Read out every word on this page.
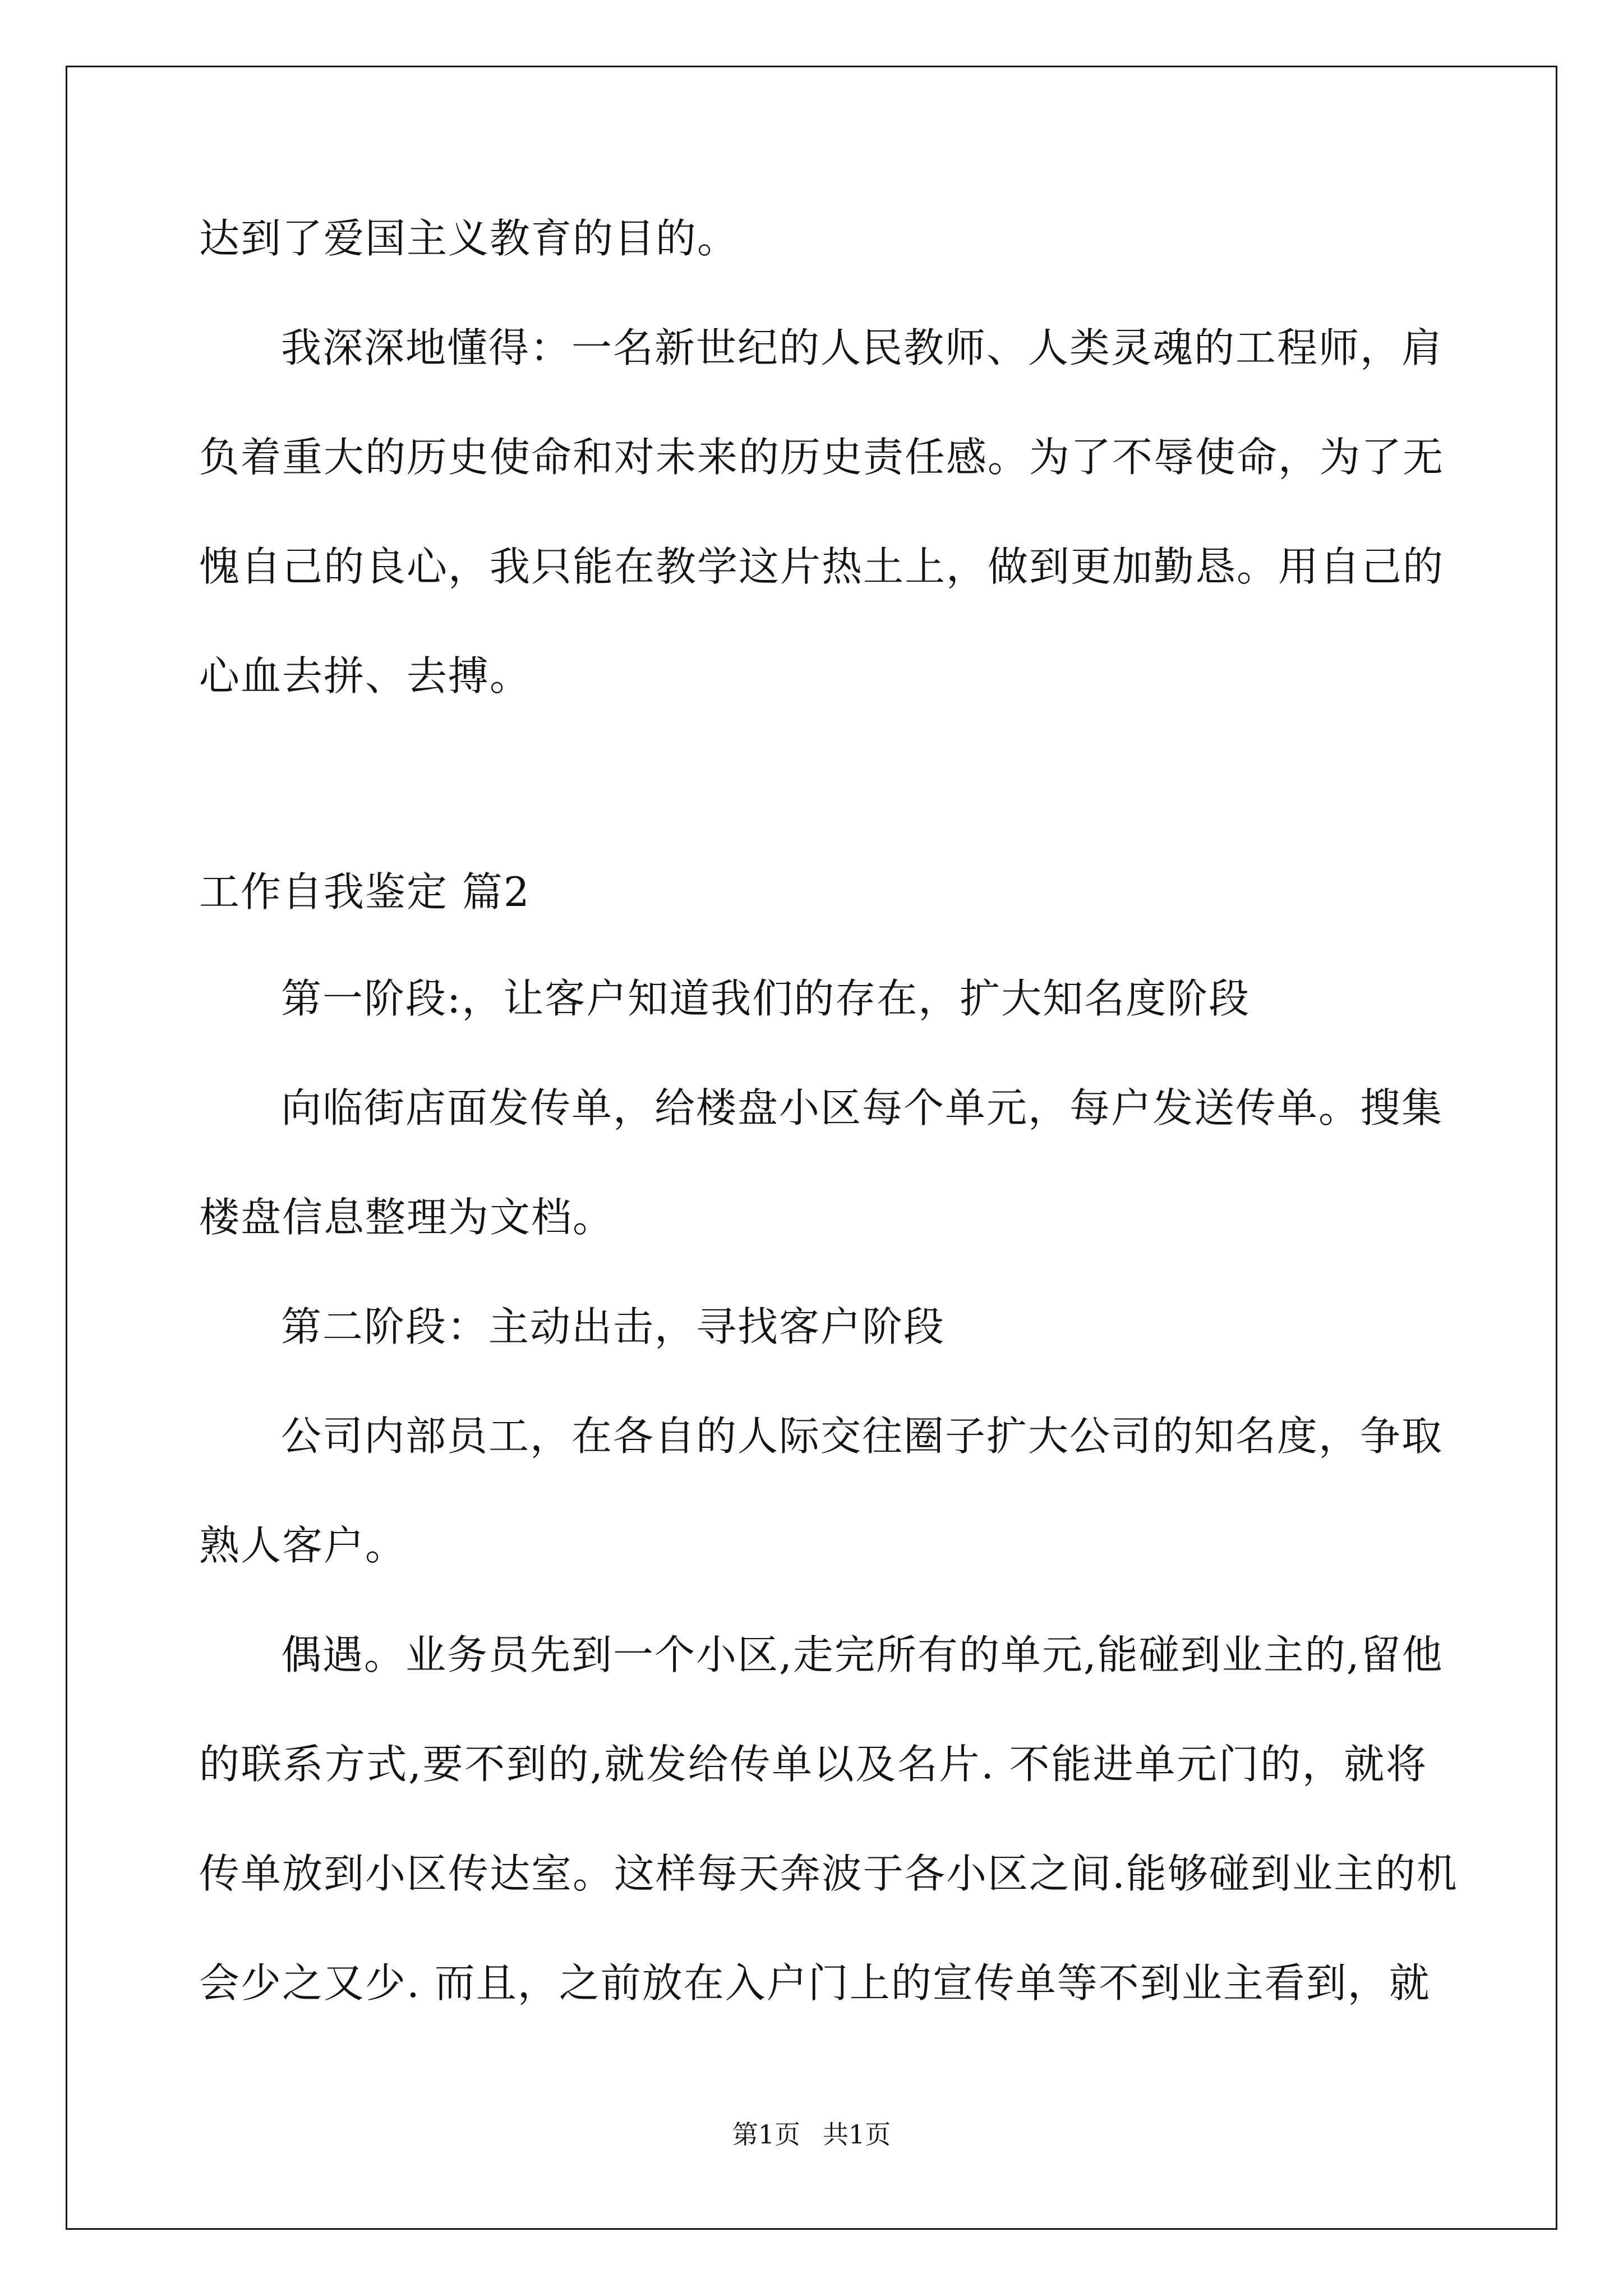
达到了爱国主义教育的目的。
我深深地懂得：一名新世纪的人民教师、人类灵魂的工程师，肩
负着重大的历史使命和对未来的历史责任感。为了不辱使命，为了无
愧自己的良心，我只能在教学这片热土上，做到更加勤恳。用自己的
心血去拼、去搏。
工作自我鉴定 篇2
第一阶段:，让客户知道我们的存在，扩大知名度阶段
向临街店面发传单，给楼盘小区每个单元，每户发送传单。搜集
楼盘信息整理为文档。
第二阶段：主动出击，寻找客户阶段
公司内部员工，在各自的人际交往圈子扩大公司的知名度，争取
熟人客户。
偶遇。业务员先到一个小区,走完所有的单元,能碰到业主的,留他
的联系方式,要不到的,就发给传单以及名片. 不能进单元门的，就将
传单放到小区传达室。这样每天奔波于各小区之间.能够碰到业主的机
会少之又少. 而且，之前放在入户门上的宣传单等不到业主看到，就
第1页 共1页
